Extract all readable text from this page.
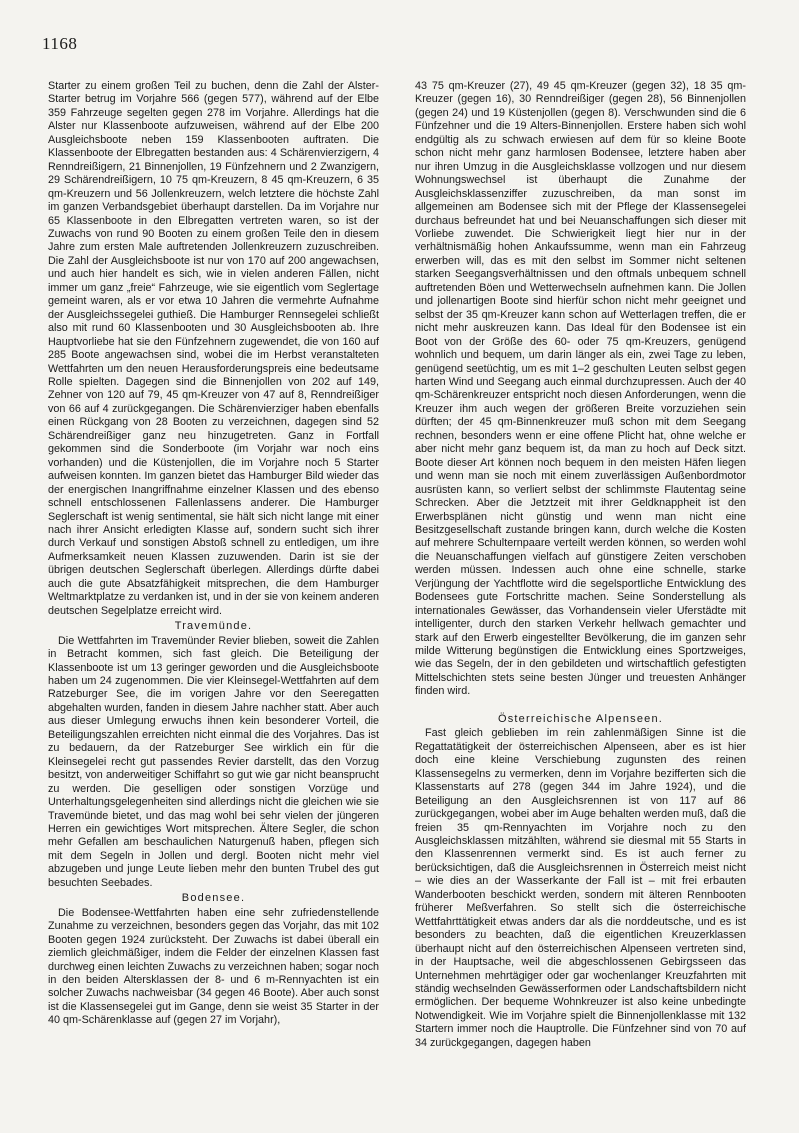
1168

Starter zu einem großen Teil zu buchen, denn die Zahl der Alster-Starter betrug im Vorjahre 566 (gegen 577), während auf der Elbe 359 Fahrzeuge segelten gegen 278 im Vorjahre. Allerdings hat die Alster nur Klassenboote aufzuweisen, während auf der Elbe 200 Ausgleichsboote neben 159 Klassenbooten auftraten. Die Klassenboote der Elbregatten bestanden aus: 4 Schärenvierzigern, 4 Renndreißigern, 21 Binnenjollen, 19 Fünfzehnern und 2 Zwanzigern, 29 Schärendreißigern, 10 75 qm-Kreuzern, 8 45 qm-Kreuzern, 6 35 qm-Kreuzern und 56 Jollenkreuzern, welch letztere die höchste Zahl im ganzen Verbandsgebiet überhaupt darstellen. Da im Vorjahre nur 65 Klassenboote in den Elbregatten vertreten waren, so ist der Zuwachs von rund 90 Booten zu einem großen Teile den in diesem Jahre zum ersten Male auftretenden Jollenkreuzern zuzuschreiben. Die Zahl der Ausgleichsboote ist nur von 170 auf 200 angewachsen, und auch hier handelt es sich, wie in vielen anderen Fällen, nicht immer um ganz „freie“ Fahrzeuge, wie sie eigentlich vom Seglertage gemeint waren, als er vor etwa 10 Jahren die vermehrte Aufnahme der Ausgleichssegelei guthieß. Die Hamburger Rennsegelei schließt also mit rund 60 Klassenbooten und 30 Ausgleichsbooten ab. Ihre Hauptvorliebe hat sie den Fünfzehnern zugewendet, die von 160 auf 285 Boote angewachsen sind, wobei die im Herbst veranstalteten Wettfahrten um den neuen Herausforderungspreis eine bedeutsame Rolle spielten. Dagegen sind die Binnenjollen von 202 auf 149, Zehner von 120 auf 79, 45 qm-Kreuzer von 47 auf 8, Renndreißiger von 66 auf 4 zurückgegangen. Die Schärenvierziger haben ebenfalls einen Rückgang von 28 Booten zu verzeichnen, dagegen sind 52 Schärendreißiger ganz neu hinzugetreten. Ganz in Fortfall gekommen sind die Sonderboote (im Vorjahr war noch eins vorhanden) und die Küstenjollen, die im Vorjahre noch 5 Starter aufweisen konnten. Im ganzen bietet das Hamburger Bild wieder das der energischen Inangriffnahme einzelner Klassen und des ebenso schnell entschlossenen Fallenlassens anderer. Die Hamburger Seglerschaft ist wenig sentimental, sie hält sich nicht lange mit einer nach ihrer Ansicht erledigten Klasse auf, sondern sucht sich ihrer durch Verkauf und sonstigen Abstoß schnell zu entledigen, um ihre Aufmerksamkeit neuen Klassen zuzuwenden. Darin ist sie der übrigen deutschen Seglerschaft überlegen. Allerdings dürfte dabei auch die gute Absatzfähigkeit mitsprechen, die dem Hamburger Weltmarktplatze zu verdanken ist, und in der sie von keinem anderen deutschen Segelplatze erreicht wird.

Travemünde.

Die Wettfahrten im Travemünder Revier blieben, soweit die Zahlen in Betracht kommen, sich fast gleich. Die Beteiligung der Klassenboote ist um 13 geringer geworden und die Ausgleichsboote haben um 24 zugenommen. Die vier Kleinsegel-Wettfahrten auf dem Ratzeburger See, die im vorigen Jahre vor den Seeregatten abgehalten wurden, fanden in diesem Jahre nachher statt. Aber auch aus dieser Umlegung erwuchs ihnen kein besonderer Vorteil, die Beteiligungszahlen erreichten nicht einmal die des Vorjahres. Das ist zu bedauern, da der Ratzeburger See wirklich ein für die Kleinsegelei recht gut passendes Revier darstellt, das den Vorzug besitzt, von anderweitiger Schiffahrt so gut wie gar nicht beansprucht zu werden. Die geselligen oder sonstigen Vorzüge und Unterhaltungsgelegenheiten sind allerdings nicht die gleichen wie sie Travemünde bietet, und das mag wohl bei sehr vielen der jüngeren Herren ein gewichtiges Wort mitsprechen. Ältere Segler, die schon mehr Gefallen am beschaulichen Naturgenuß haben, pflegen sich mit dem Segeln in Jollen und dergl. Booten nicht mehr viel abzugeben und junge Leute lieben mehr den bunten Trubel des gut besuchten Seebades.

Bodensee.

Die Bodensee-Wettfahrten haben eine sehr zufriedenstellende Zunahme zu verzeichnen, besonders gegen das Vorjahr, das mit 102 Booten gegen 1924 zurücksteht. Der Zuwachs ist dabei überall ein ziemlich gleichmäßiger, indem die Felder der einzelnen Klassen fast durchweg einen leichten Zuwachs zu verzeichnen haben; sogar noch in den beiden Altersklassen der 8- und 6 m-Rennyachten ist ein solcher Zuwachs nachweisbar (34 gegen 46 Boote). Aber auch sonst ist die Klassensegelei gut im Gange, denn sie weist 35 Starter in der 40 qm-Schärenklasse auf (gegen 27 im Vorjahr),

43 75 qm-Kreuzer (27), 49 45 qm-Kreuzer (gegen 32), 18 35 qm-Kreuzer (gegen 16), 30 Renndreißiger (gegen 28), 56 Binnenjollen (gegen 24) und 19 Küstenjollen (gegen 8). Verschwunden sind die 6 Fünfzehner und die 19 Alters-Binnenjollen. Erstere haben sich wohl endgültig als zu schwach erwiesen auf dem für so kleine Boote schon nicht mehr ganz harmlosen Bodensee, letztere haben aber nur ihren Umzug in die Ausgleichsklasse vollzogen und nur diesem Wohnungswechsel ist überhaupt die Zunahme der Ausgleichsklassenziffer zuzuschreiben, da man sonst im allgemeinen am Bodensee sich mit der Pflege der Klassensegelei durchaus befreundet hat und bei Neuanschaffungen sich dieser mit Vorliebe zuwendet. Die Schwierigkeit liegt hier nur in der verhältnismäßig hohen Ankaufssumme, wenn man ein Fahrzeug erwerben will, das es mit den selbst im Sommer nicht seltenen starken Seegangsverhältnissen und den oftmals unbequem schnell auftretenden Böen und Wetterwechseln aufnehmen kann. Die Jollen und jollenartigen Boote sind hierfür schon nicht mehr geeignet und selbst der 35 qm-Kreuzer kann schon auf Wetterlagen treffen, die er nicht mehr auskreuzen kann. Das Ideal für den Bodensee ist ein Boot von der Größe des 60- oder 75 qm-Kreuzers, genügend wohnlich und bequem, um darin länger als ein, zwei Tage zu leben, genügend seetüchtig, um es mit 1–2 geschulten Leuten selbst gegen harten Wind und Seegang auch einmal durchzupressen. Auch der 40 qm-Schärenkreuzer entspricht noch diesen Anforderungen, wenn die Kreuzer ihm auch wegen der größeren Breite vorzuziehen sein dürften; der 45 qm-Binnenkreuzer muß schon mit dem Seegang rechnen, besonders wenn er eine offene Plicht hat, ohne welche er aber nicht mehr ganz bequem ist, da man zu hoch auf Deck sitzt. Boote dieser Art können noch bequem in den meisten Häfen liegen und wenn man sie noch mit einem zuverlässigen Außenbordmotor ausrüsten kann, so verliert selbst der schlimmste Flautentag seine Schrecken. Aber die Jetztzeit mit ihrer Geldknappheit ist den Erwerbsplänen nicht günstig und wenn man nicht eine Besitzgesellschaft zustande bringen kann, durch welche die Kosten auf mehrere Schulternpaare verteilt werden können, so werden wohl die Neuanschaffungen vielfach auf günstigere Zeiten verschoben werden müssen. Indessen auch ohne eine schnelle, starke Verjüngung der Yachtflotte wird die segelsportliche Entwicklung des Bodensees gute Fortschritte machen. Seine Sonderstellung als internationales Gewässer, das Vorhandensein vieler Uferstädte mit intelligenter, durch den starken Verkehr hellwach gemachter und stark auf den Erwerb eingestellter Bevölkerung, die im ganzen sehr milde Witterung begünstigen die Entwicklung eines Sportzweiges, wie das Segeln, der in den gebildeten und wirtschaftlich gefestigten Mittelschichten stets seine besten Jünger und treuesten Anhänger finden wird.

Österreichische Alpenseen.

Fast gleich geblieben im rein zahlenmäßigen Sinne ist die Regattatätigkeit der österreichischen Alpenseen, aber es ist hier doch eine kleine Verschiebung zugunsten des reinen Klassensegelns zu vermerken, denn im Vorjahre bezifferten sich die Klassenstarts auf 278 (gegen 344 im Jahre 1924), und die Beteiligung an den Ausgleichsrennen ist von 117 auf 86 zurückgegangen, wobei aber im Auge behalten werden muß, daß die freien 35 qm-Rennyachten im Vorjahre noch zu den Ausgleichsklassen mitzählten, während sie diesmal mit 55 Starts in den Klassenrennen vermerkt sind. Es ist auch ferner zu berücksichtigen, daß die Ausgleichsrennen in Österreich meist nicht – wie dies an der Wasserkante der Fall ist – mit frei erbauten Wanderbooten beschickt werden, sondern mit älteren Rennbooten früherer Meßverfahren. So stellt sich die österreichische Wettfahrttätigkeit etwas anders dar als die norddeutsche, und es ist besonders zu beachten, daß die eigentlichen Kreuzerklassen überhaupt nicht auf den österreichischen Alpenseen vertreten sind, in der Hauptsache, weil die abgeschlossenen Gebirgsseen das Unternehmen mehrtägiger oder gar wochenlanger Kreuzfahrten mit ständig wechselnden Gewässerformen oder Landschaftsbildern nicht ermöglichen. Der bequeme Wohnkreuzer ist also keine unbedingte Notwendigkeit. Wie im Vorjahre spielt die Binnenjollenklasse mit 132 Startern immer noch die Hauptrolle. Die Fünfzehner sind von 70 auf 34 zurückgegangen, dagegen haben
